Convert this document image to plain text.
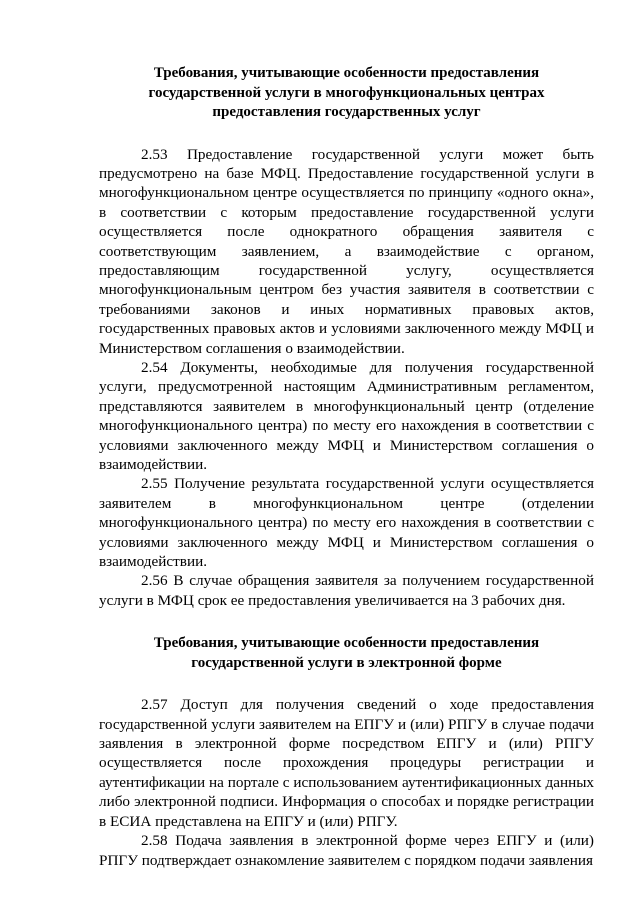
Требования, учитывающие особенности предоставления
государственной услуги в многофункциональных центрах
предоставления государственных услуг

2.53 Предоставление государственной услуги может быть предусмотрено на базе МФЦ. Предоставление государственной услуги в многофункциональном центре осуществляется по принципу «одного окна», в соответствии с которым предоставление государственной услуги осуществляется после однократного обращения заявителя с соответствующим заявлением, а взаимодействие с органом, предоставляющим государственной услугу, осуществляется многофункциональным центром без участия заявителя в соответствии с требованиями законов и иных нормативных правовых актов, государственных правовых актов и условиями заключенного между МФЦ и Министерством соглашения о взаимодействии.

2.54 Документы, необходимые для получения государственной услуги, предусмотренной настоящим Административным регламентом, представляются заявителем в многофункциональный центр (отделение многофункционального центра) по месту его нахождения в соответствии с условиями заключенного между МФЦ и Министерством соглашения о взаимодействии.

2.55 Получение результата государственной услуги осуществляется заявителем в многофункциональном центре (отделении многофункционального центра) по месту его нахождения в соответствии с условиями заключенного между МФЦ и Министерством соглашения о взаимодействии.

2.56 В случае обращения заявителя за получением государственной услуги в МФЦ срок ее предоставления увеличивается на 3 рабочих дня.

Требования, учитывающие особенности предоставления
государственной услуги в электронной форме

2.57 Доступ для получения сведений о ходе предоставления государственной услуги заявителем на ЕПГУ и (или) РПГУ в случае подачи заявления в электронной форме посредством ЕПГУ и (или) РПГУ осуществляется после прохождения процедуры регистрации и аутентификации на портале с использованием аутентификационных данных либо электронной подписи. Информация о способах и порядке регистрации в ЕСИА представлена на ЕПГУ и (или) РПГУ.

2.58 Подача заявления в электронной форме через ЕПГУ и (или) РПГУ подтверждает ознакомление заявителем с порядком подачи заявления
